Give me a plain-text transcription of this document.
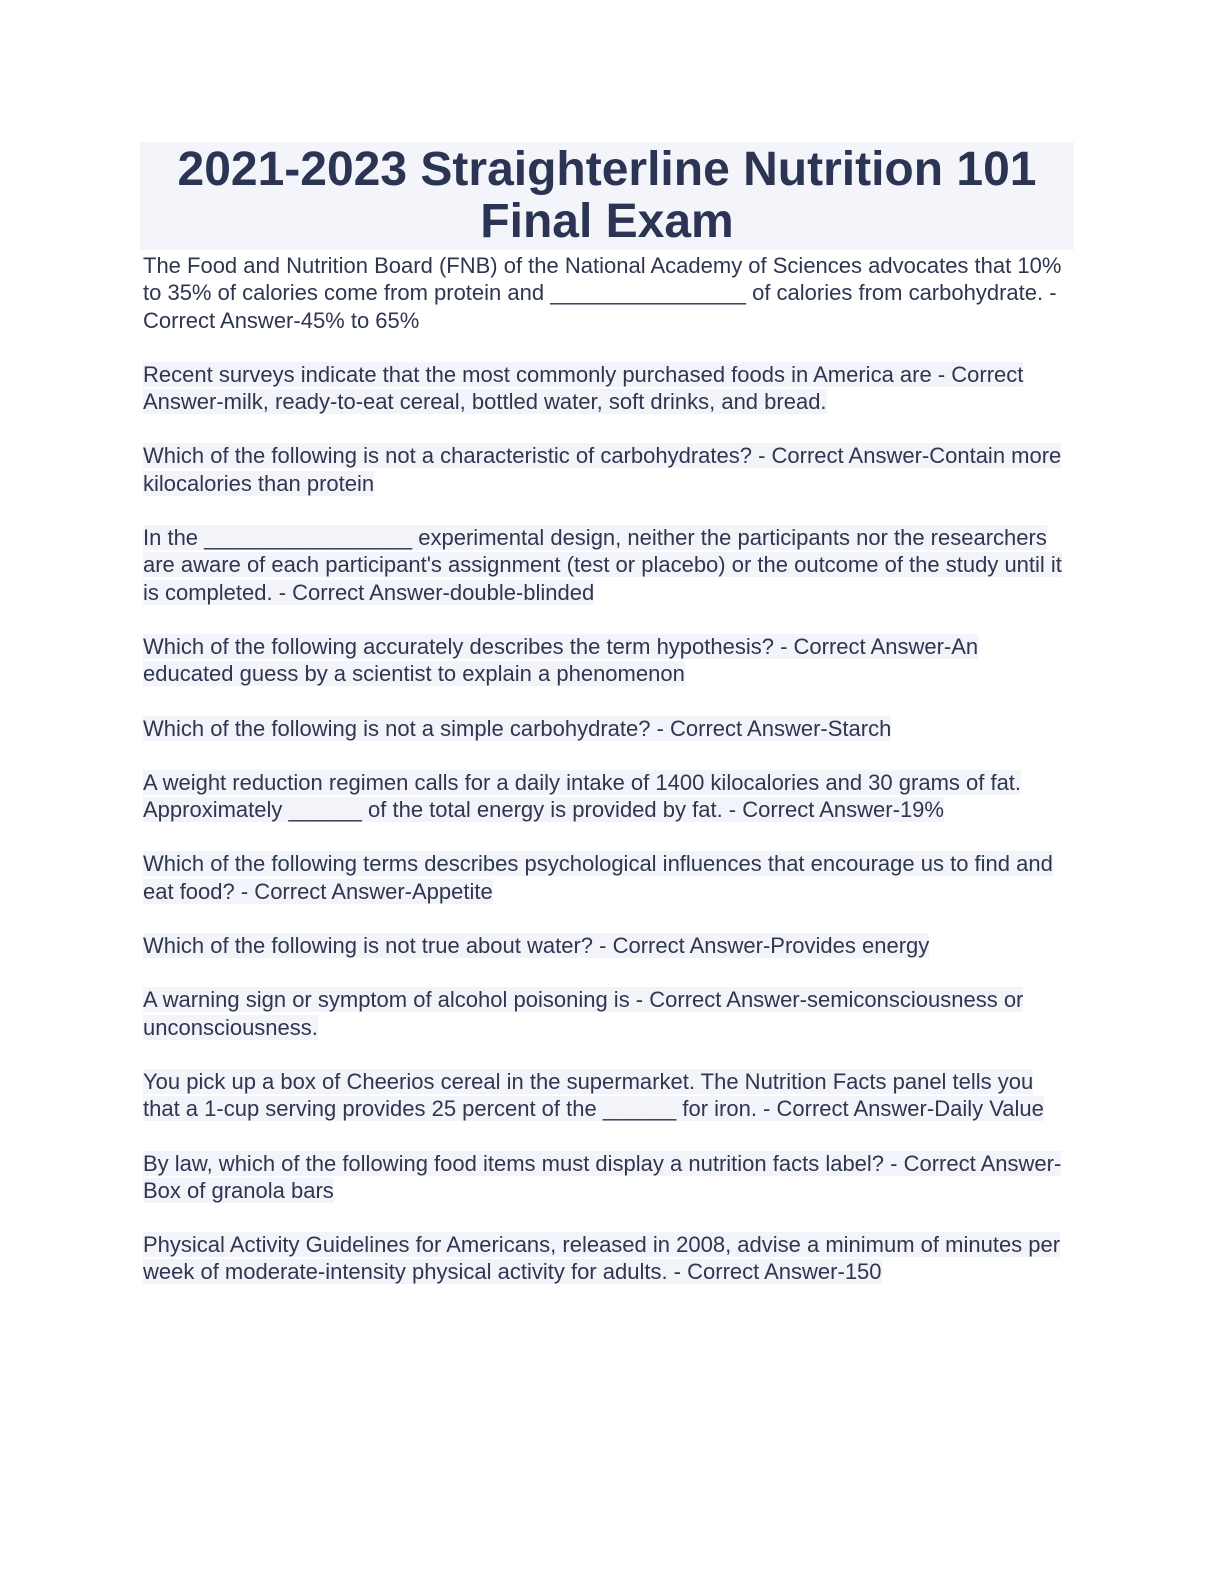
2021-2023 Straighterline Nutrition 101
Final Exam

The Food and Nutrition Board (FNB) of the National Academy of Sciences advocates that 10% to 35% of calories come from protein and ________________ of calories from carbohydrate. - Correct Answer-45% to 65%

Recent surveys indicate that the most commonly purchased foods in America are - Correct Answer-milk, ready-to-eat cereal, bottled water, soft drinks, and bread.

Which of the following is not a characteristic of carbohydrates? - Correct Answer-Contain more kilocalories than protein

In the _________________ experimental design, neither the participants nor the researchers are aware of each participant's assignment (test or placebo) or the outcome of the study until it is completed. - Correct Answer-double-blinded

Which of the following accurately describes the term hypothesis? - Correct Answer-An educated guess by a scientist to explain a phenomenon

Which of the following is not a simple carbohydrate? - Correct Answer-Starch

A weight reduction regimen calls for a daily intake of 1400 kilocalories and 30 grams of fat. Approximately ______ of the total energy is provided by fat. - Correct Answer-19%

Which of the following terms describes psychological influences that encourage us to find and eat food? - Correct Answer-Appetite

Which of the following is not true about water? - Correct Answer-Provides energy

A warning sign or symptom of alcohol poisoning is - Correct Answer-semiconsciousness or unconsciousness.

You pick up a box of Cheerios cereal in the supermarket. The Nutrition Facts panel tells you that a 1-cup serving provides 25 percent of the ______ for iron. - Correct Answer-Daily Value

By law, which of the following food items must display a nutrition facts label? - Correct Answer-Box of granola bars

Physical Activity Guidelines for Americans, released in 2008, advise a minimum of minutes per week of moderate-intensity physical activity for adults. - Correct Answer-150
